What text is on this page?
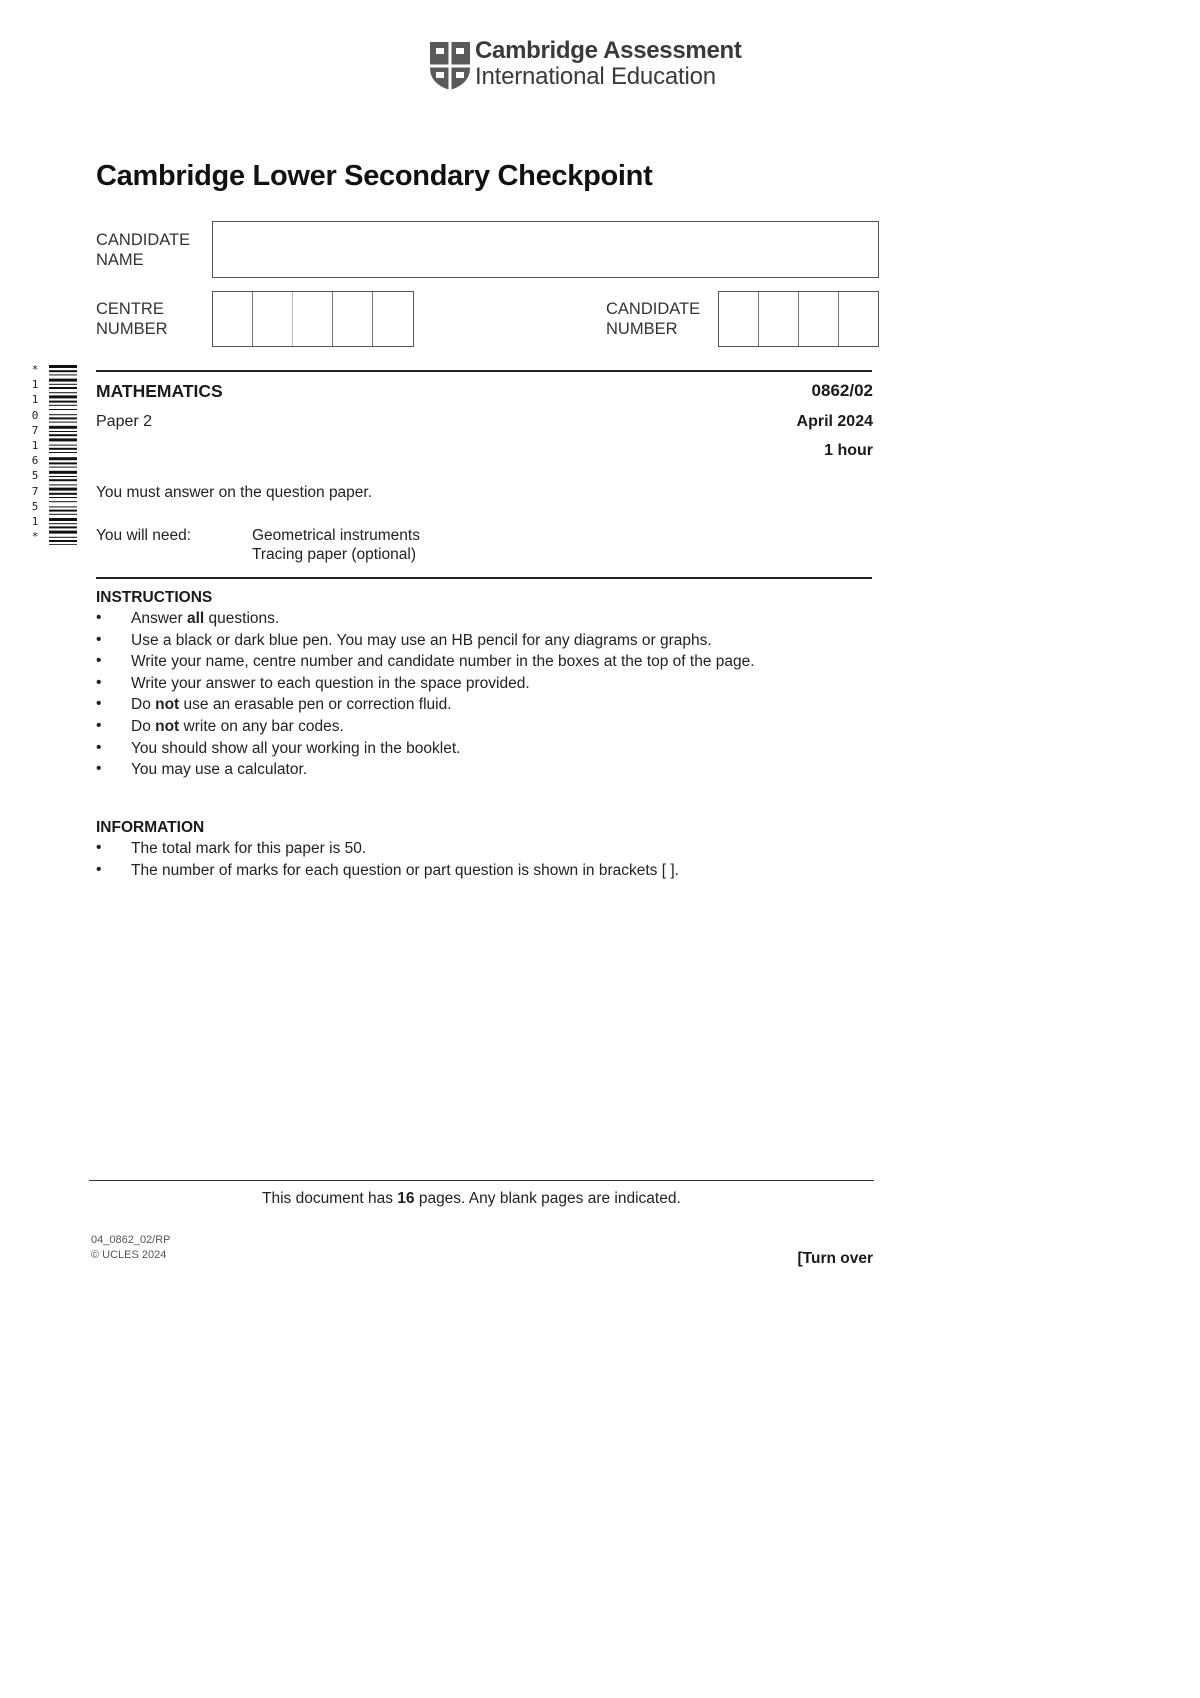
Cambridge Assessment
International Education
Cambridge Lower Secondary Checkpoint
CANDIDATE
NAME
CENTRE
NUMBER
CANDIDATE
NUMBER
*
1
1
0
7
1
6
5
7
5
1
*
MATHEMATICS	0862/02
Paper 2	April 2024
1 hour
You must answer on the question paper.
You will need:	Geometrical instruments
Tracing paper (optional)
INSTRUCTIONS
• Answer all questions.
• Use a black or dark blue pen. You may use an HB pencil for any diagrams or graphs.
• Write your name, centre number and candidate number in the boxes at the top of the page.
• Write your answer to each question in the space provided.
• Do not use an erasable pen or correction fluid.
• Do not write on any bar codes.
• You should show all your working in the booklet.
• You may use a calculator.
INFORMATION
• The total mark for this paper is 50.
• The number of marks for each question or part question is shown in brackets [ ].
This document has 16 pages. Any blank pages are indicated.
04_0862_02/RP
© UCLES 2024	[Turn over
